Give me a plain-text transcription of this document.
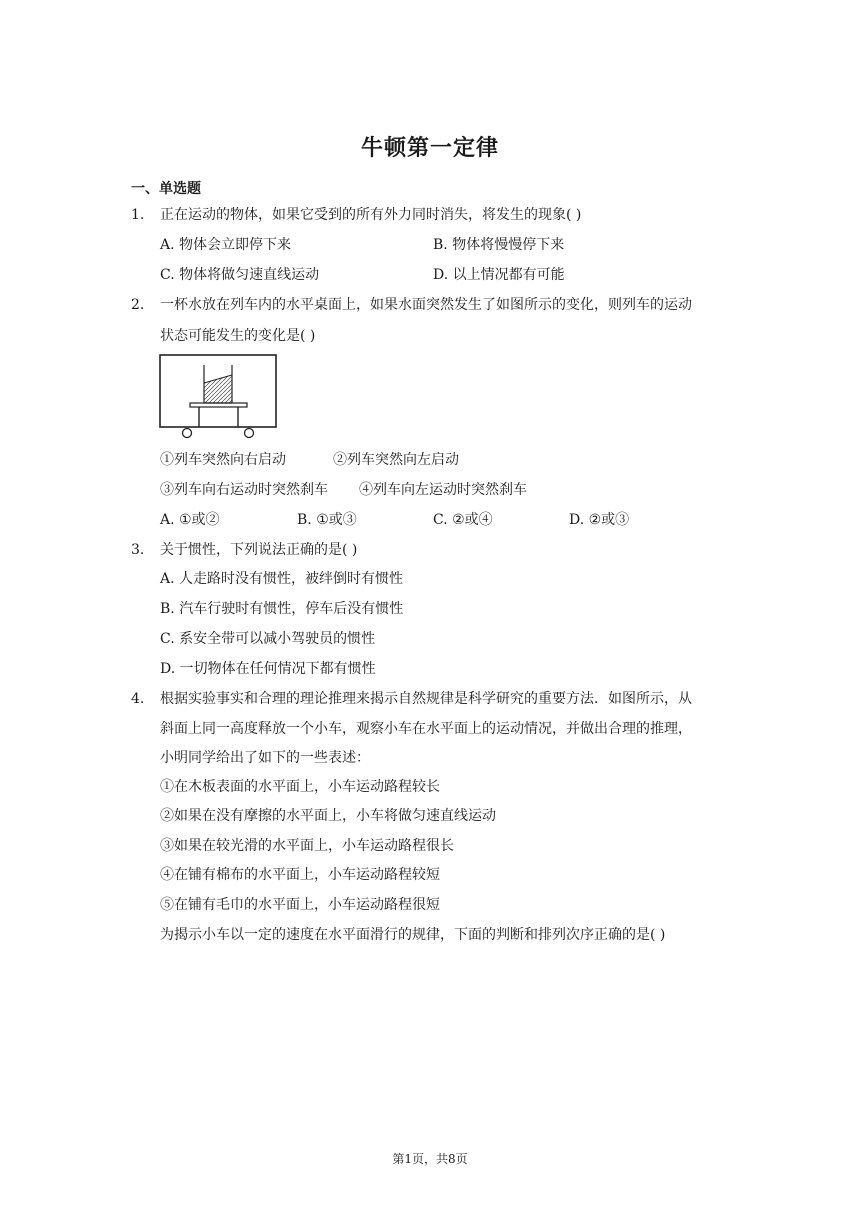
牛顿第一定律
一、单选题
1. 正在运动的物体，如果它受到的所有外力同时消失，将发生的现象( )
A. 物体会立即停下来	B. 物体将慢慢停下来
C. 物体将做匀速直线运动	D. 以上情况都有可能
2. 一杯水放在列车内的水平桌面上，如果水面突然发生了如图所示的变化，则列车的运动
状态可能发生的变化是( )
①列车突然向右启动	②列车突然向左启动
③列车向右运动时突然刹车 ④列车向左运动时突然刹车
A. ①或②	B. ①或③	C. ②或④	D. ②或③
3. 关于惯性，下列说法正确的是( )
A. 人走路时没有惯性，被绊倒时有惯性
B. 汽车行驶时有惯性，停车后没有惯性
C. 系安全带可以减小驾驶员的惯性
D. 一切物体在任何情况下都有惯性
4. 根据实验事实和合理的理论推理来揭示自然规律是科学研究的重要方法．如图所示，从
斜面上同一高度释放一个小车，观察小车在水平面上的运动情况，并做出合理的推理，
小明同学给出了如下的一些表述：
①在木板表面的水平面上，小车运动路程较长
②如果在没有摩擦的水平面上，小车将做匀速直线运动
③如果在较光滑的水平面上，小车运动路程很长
④在铺有棉布的水平面上，小车运动路程较短
⑤在铺有毛巾的水平面上，小车运动路程很短
为揭示小车以一定的速度在水平面滑行的规律，下面的判断和排列次序正确的是( )
第1页，共8页
